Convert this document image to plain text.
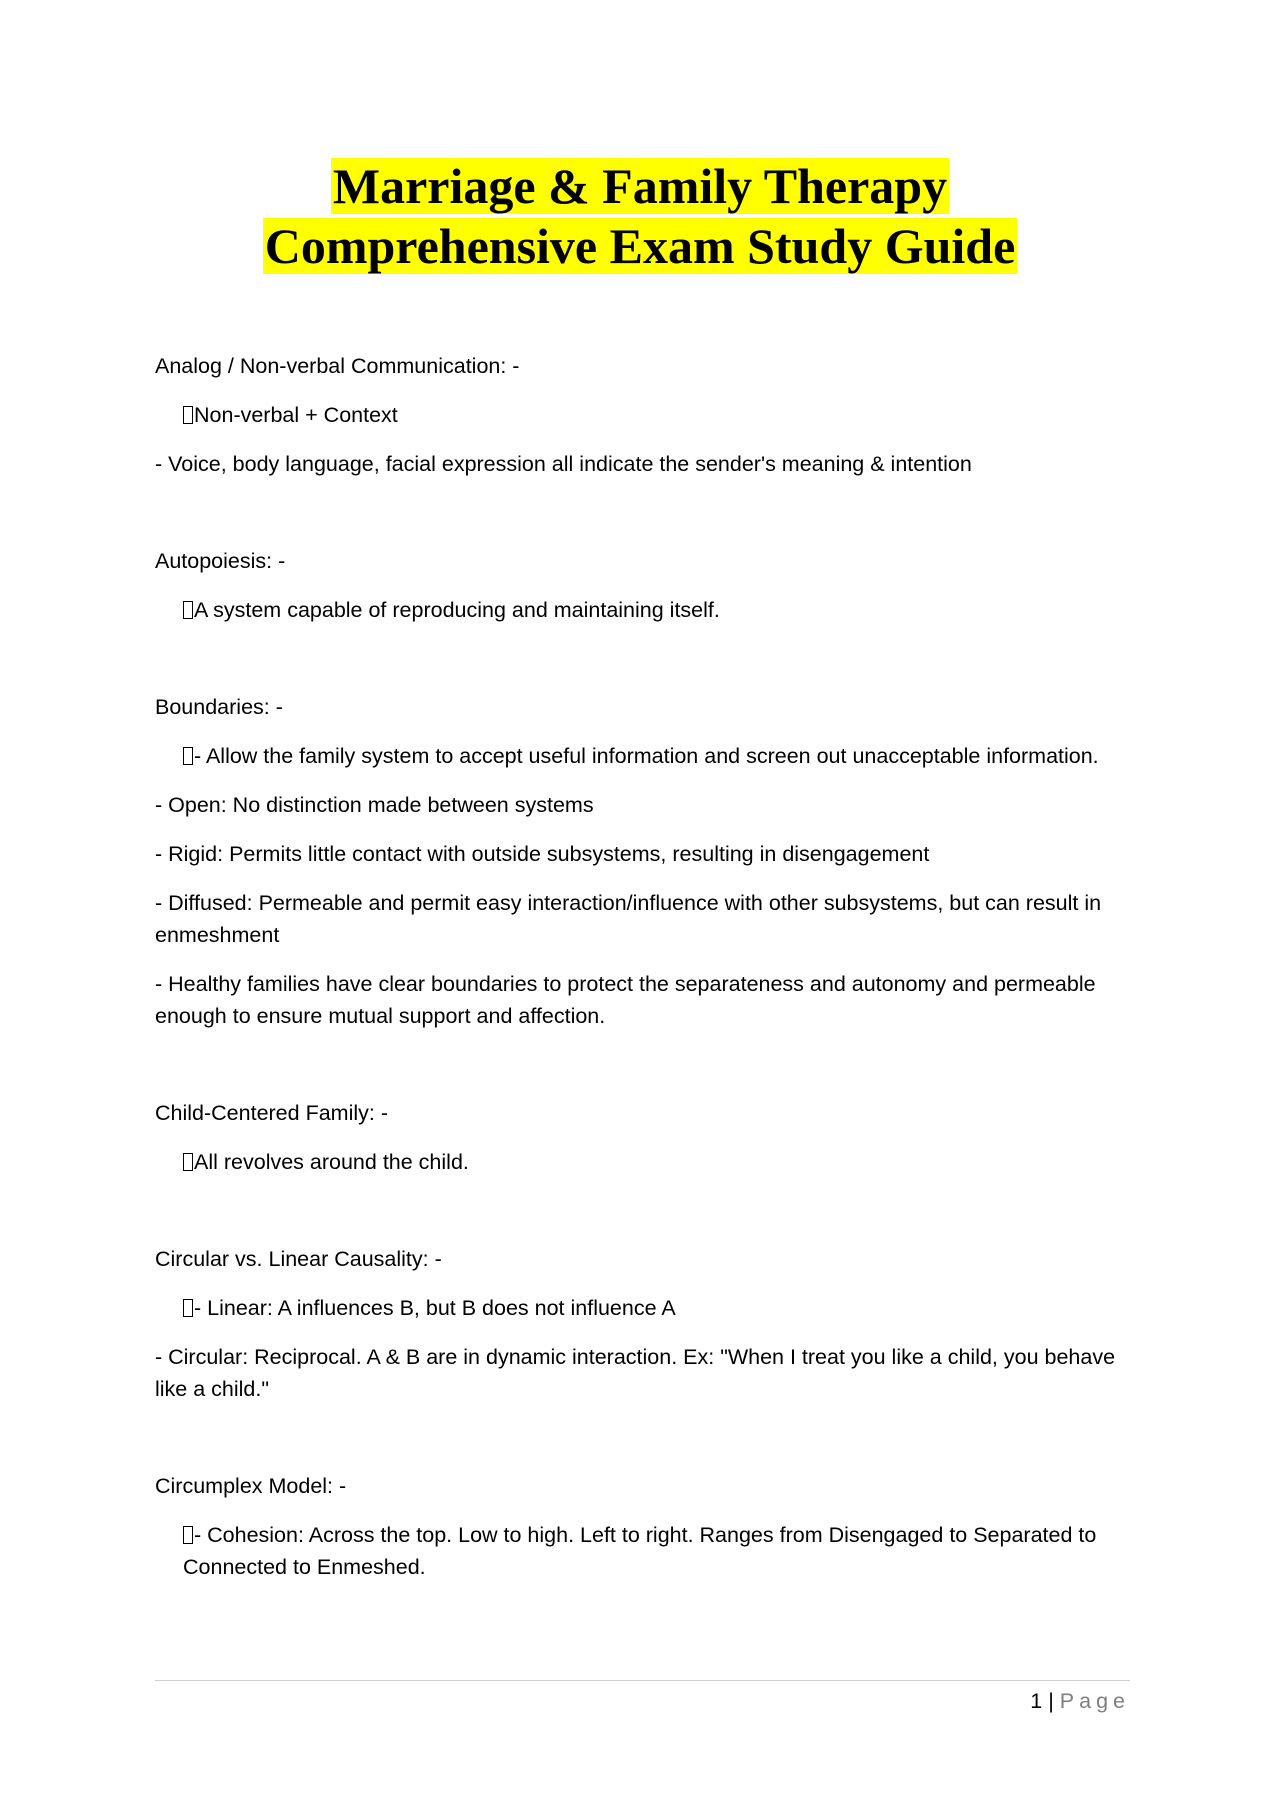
Marriage & Family Therapy
Comprehensive Exam Study Guide

Analog / Non-verbal Communication: -

Non-verbal + Context

- Voice, body language, facial expression all indicate the sender's meaning & intention

Autopoiesis: -

A system capable of reproducing and maintaining itself.

Boundaries: -

- Allow the family system to accept useful information and screen out unacceptable information.

- Open: No distinction made between systems

- Rigid: Permits little contact with outside subsystems, resulting in disengagement

- Diffused: Permeable and permit easy interaction/influence with other subsystems, but can result in enmeshment

- Healthy families have clear boundaries to protect the separateness and autonomy and permeable enough to ensure mutual support and affection.

Child-Centered Family: -

All revolves around the child.

Circular vs. Linear Causality: -

- Linear: A influences B, but B does not influence A

- Circular: Reciprocal. A & B are in dynamic interaction. Ex: "When I treat you like a child, you behave like a child."

Circumplex Model: -

- Cohesion: Across the top. Low to high. Left to right. Ranges from Disengaged to Separated to Connected to Enmeshed.

1 | Page
